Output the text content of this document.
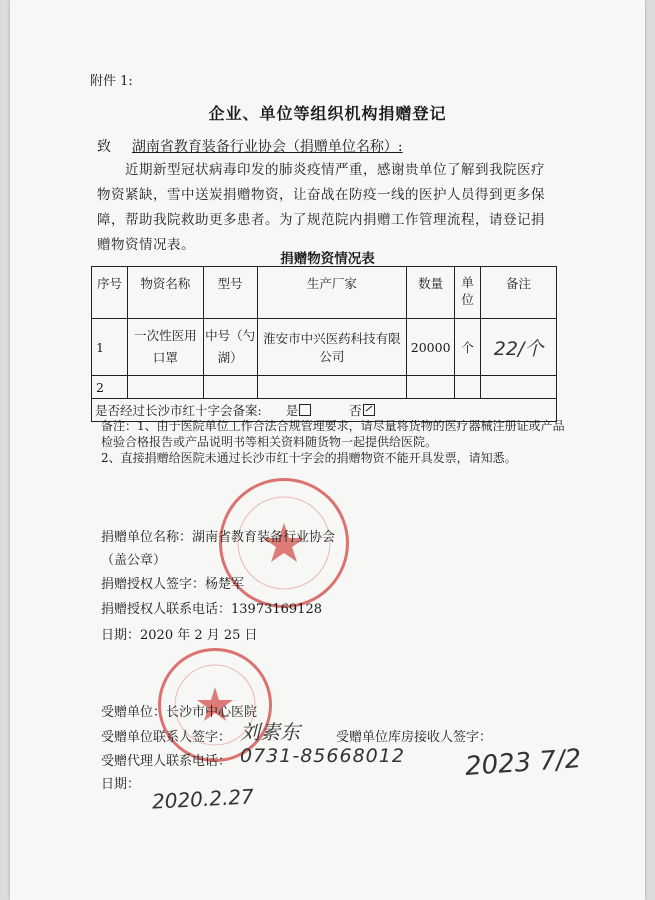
附件 1:
企业、单位等组织机构捐赠登记
致 湖南省教育装备行业协会（捐赠单位名称）:
近期新型冠状病毒印发的肺炎疫情严重，感谢贵单位了解到我院医疗物资紧缺，雪中送炭捐赠物资，让奋战在防疫一线的医护人员得到更多保障，帮助我院救助更多患者。为了规范院内捐赠工作管理流程，请登记捐赠物资情况表。
捐赠物资情况表
序号	物资名称	型号	生产厂家	数量	单位	备注
1	一次性医用口罩	中号（勺湖）	淮安市中兴医药科技有限公司	20000	个	22/个
2						
是否经过长沙市红十字会备案: 是 否						
备注：1、由于医院单位工作合法合规管理要求，请尽量将货物的医疗器械注册证或产品检验合格报告或产品说明书等相关资料随货物一起提供给医院。
2、直接捐赠给医院未通过长沙市红十字会的捐赠物资不能开具发票，请知悉。
捐赠单位名称：湖南省教育装备行业协会
（盖公章）
捐赠授权人签字：杨楚军
捐赠授权人联系电话：13973169128
日期：2020 年 2 月 25 日
受赠单位：长沙市中心医院
受赠单位联系人签字： 刘素东	受赠单位库房接收人签字：
受赠代理人联系电话： 0731-85668012 2023 7/2
日期： 2020.2.27
